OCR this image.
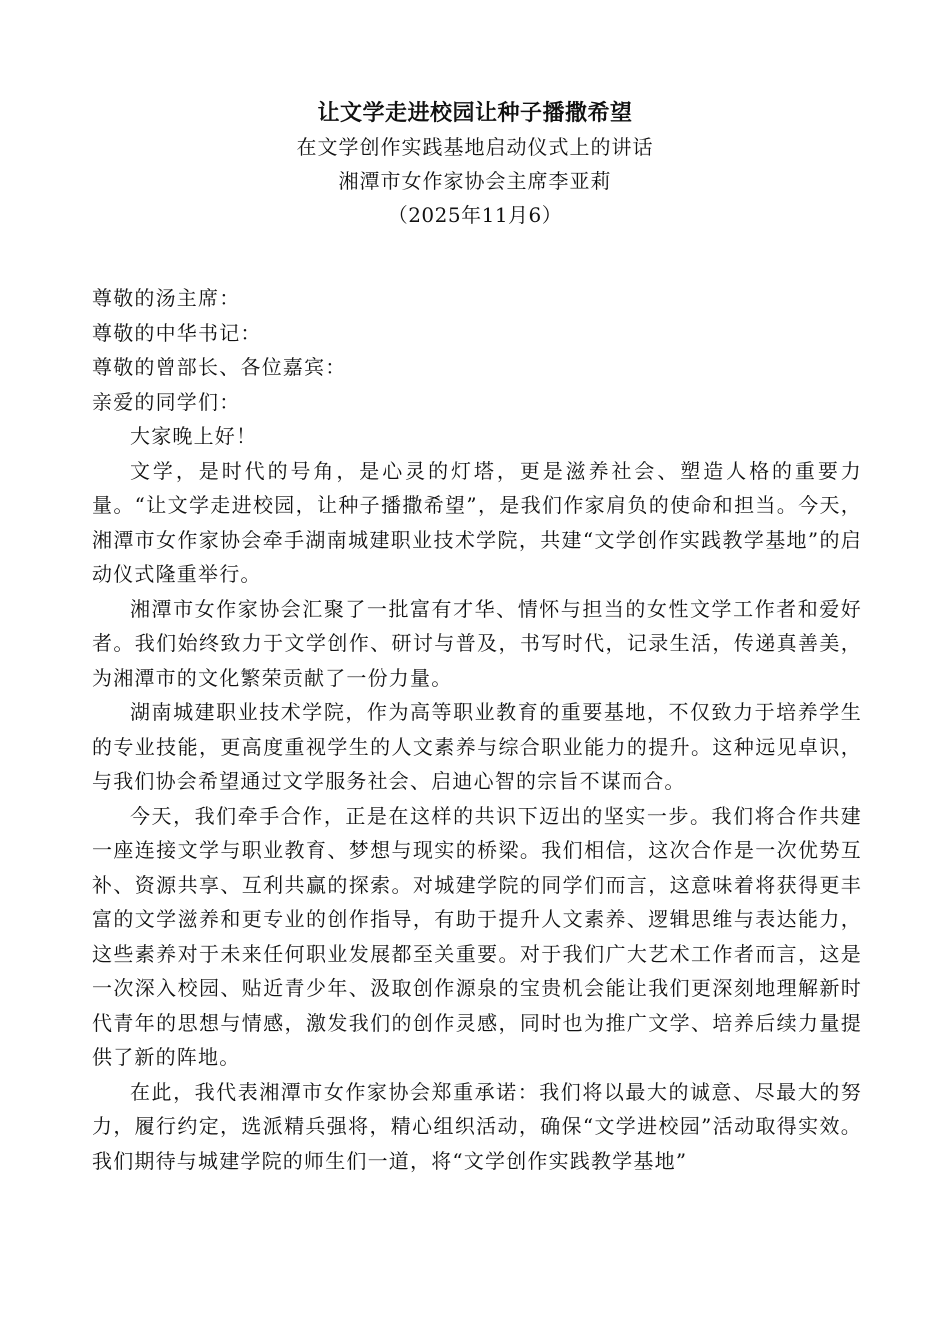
让文学走进校园让种子播撒希望

在文学创作实践基地启动仪式上的讲话

湘潭市女作家协会主席李亚莉

（2025年11月6）

尊敬的汤主席：

尊敬的中华书记：

尊敬的曾部长、各位嘉宾：

亲爱的同学们：

大家晚上好！

文学，是时代的号角，是心灵的灯塔，更是滋养社会、塑造人格的重要力量。“让文学走进校园，让种子播撒希望”，是我们作家肩负的使命和担当。今天，湘潭市女作家协会牵手湖南城建职业技术学院，共建“文学创作实践教学基地”的启动仪式隆重举行。

湘潭市女作家协会汇聚了一批富有才华、情怀与担当的女性文学工作者和爱好者。我们始终致力于文学创作、研讨与普及，书写时代，记录生活，传递真善美，为湘潭市的文化繁荣贡献了一份力量。

湖南城建职业技术学院，作为高等职业教育的重要基地，不仅致力于培养学生的专业技能，更高度重视学生的人文素养与综合职业能力的提升。这种远见卓识，与我们协会希望通过文学服务社会、启迪心智的宗旨不谋而合。

今天，我们牵手合作，正是在这样的共识下迈出的坚实一步。我们将合作共建一座连接文学与职业教育、梦想与现实的桥梁。我们相信，这次合作是一次优势互补、资源共享、互利共赢的探索。对城建学院的同学们而言，这意味着将获得更丰富的文学滋养和更专业的创作指导，有助于提升人文素养、逻辑思维与表达能力，这些素养对于未来任何职业发展都至关重要。对于我们广大艺术工作者而言，这是一次深入校园、贴近青少年、汲取创作源泉的宝贵机会能让我们更深刻地理解新时代青年的思想与情感，激发我们的创作灵感，同时也为推广文学、培养后续力量提供了新的阵地。

在此，我代表湘潭市女作家协会郑重承诺：我们将以最大的诚意、尽最大的努力，履行约定，选派精兵强将，精心组织活动，确保“文学进校园”活动取得实效。我们期待与城建学院的师生们一道，将“文学创作实践教学基地”
